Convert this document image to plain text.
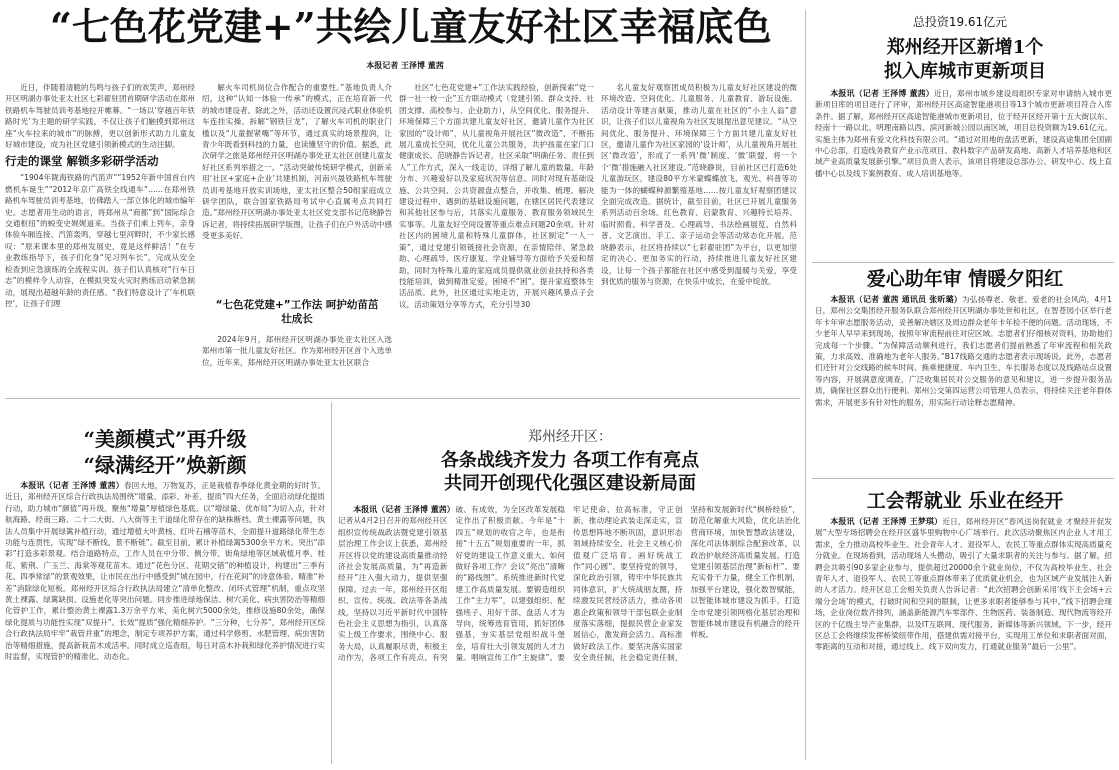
“七色花党建+”共绘儿童友好社区幸福底色
本报记者 王泽博 董茜

近日，伴随着清脆的鸟鸣与孩子们的欢笑声，郑州经开区明湖办事处亚太社区七彩翟驻团首期研学活动在郑州铁路机车驾驶员训考基地拉开帷幕。“一场以‘穿越百年铁路时光’为主题的研学实践，不仅让孩子们触摸到郑州这座“火车拉来的城市”的脉搏，更以创新形式助力儿童友好城市建设，成为社区党建引领新模式的生动注脚。

行走的课堂 解锁多彩研学活动

“1904年陇海铁路的汽笛声”“1952年新中国首台内燃机车诞生”“2012年京广高铁全线通车”……在郑州铁路机车驾驶员训考基地，仿佛踏入一部立体化的城市编年史。志愿者用生动的语言，将郑州从“商都”到“国际综合交通枢纽”的蜕变史娓娓道来。当孩子们乘上列车，亲身体验车厢连接、汽笛轰鸣，穿越七里河畔时，不少家长感叹：“原来课本里的郑州发展史，竟是这样鲜活！”在专业教练指导下，孩子们化身“见习列车长”，完成从安全检查到应急演练的全流程实训。孩子们认真核对“行车日志”的模样令人动容，在模拟突发火灾时熟练启动紧急制动，展现出超越年龄的责任感。“我们特意设计了‘车机联控’，让孩子们理

解火车司机岗位合作配合的重要性。”基地负责人介绍，这种“认知一体验一传承”的模式，正在培育新一代的城市建设者。除此之外，活动还设置沉浸式职业体验机车连挂实操、拆解“钢铁巨龙”，了解火车司机的职业门槛以及“儿童握紧嘴”等环节，通过真实的场景搜润，让青少年既看到科技的力量，也读懂坚守的价值。据悉，此次研学之旅是郑州经开区明湖办事处亚太社区创建儿童友好社区系列举措之一。“活动突破传统研学模式，创新采用‘社区+家庭+企业’共建机制，河南兴晟铁路机车驾驶员训考基地开放实训场地，亚太社区整合50组家庭成立研学团队，联合国家铁路局考试中心直属考点共同打造。”郑州经开区明湖办事处亚太社区党支部书记范晓静告诉记者，将持续拓展研学版图，让孩子们在户外活动中感受更多美好。

“七色花党建+”工作法 呵护幼苗茁壮成长

2024年9月，郑州经开区明湖办事处亚太社区入选郑州市第一批儿童友好社区。作为郑州经开区首个入选单位，近年来，郑州经开区明湖办事处亚太社区联合

社区“七色花党建+”工作法实践经验，创新探索“党一群一社一校一企”五方联动模式（党建引领、群众支持、社团支撑、高校参与、企业助力），从空间优化、服务提升、环境保障三个方面共建儿童友好社区，邀请儿童作为社区家园的“设计师”，从儿童视角开展社区“微改造”，不断拓展儿童成长空间，优化儿童公共服务，共护孩童在家门口健康成长。范晓静告诉记者，社区采取“明确任务、责任到人”工作方式，深入一线走访，详细了解儿童的数量、年龄分布、兴趣爱好以及家庭状况等信息。同时对现有基础设施、公共空间、公共资源盘点整合，并收集、梳理、解决建设过程中、遇到的基础设施问题，在辖区居民代表建议和其他社区参与后，共落实儿童服务、教育服务领域民生实事等。儿童友好空间设置等重点难点问题20余项。针对社区内的困境儿童和特殊儿童群体，社区制定“一人一策”，通过党建引领链接社会资源，在亲情陪伴、紧急救助、心理疏导、医疗康复、学业辅导等方面给予关爱和帮助，同时为特殊儿童的家庭成员提供就业创业扶持和各类技能培训，做到精准定爱，困境不“困”，提升家庭整体生活品质。此外，社区通过实地走访，开展兴趣风暴点子会议，活动策划分享等方式，充分引导30

名儿童友好观察团成员积极为儿童友好社区建设的微环境改造、空间优化、儿童服务、儿童教育、游玩设施、活动设计等建言献策，推动儿童在社区的“小主人翁”意识，让孩子们以儿童视角为社区发展提出意见建议。“从空间优化、服务提升、环境保障三个方面共建儿童友好社区，邀请儿童作为社区家园的‘设计师’，从儿童视角开展社区‘微改造’，形成了一系列‘微’制度、‘微’联盟，将一个个‘微’措施融入社区建设。”范晓静说，目前社区已打造6处儿童游玩区，建设80平方米蒙蝶蝶放飞、观光、科普等功能为一体的蝴蝶种源繁殖基地……按儿童友好观察团建议全面完成改造。据统计，截至目前，社区已开展儿童服务系列活动百余场。红色教育、启蒙教育、兴趣特长培养、临时照看、科学普及、心理疏导、书法绘画展览、自然科普、文艺演出、手工、亲子运动会等活动常态化开展。范晓静表示，社区将持续以“七彩翟驻团”为平台，以更加坚定的决心、更加务实的行动，持续推进儿童友好社区建设，让每一个孩子都能在社区中感受到温暖与关爱，享受到优质的服务与资源，在快乐中成长，在爱中绽放。

总投资19.61亿元
郑州经开区新增1个
拟入库城市更新项目

本报讯（记者 王泽博 董茜）近日，郑州市城乡建设局组织专家对申请纳入城市更新项目库的项目进行了评审，郑州经开区高途智能港项目等13个城市更新项目符合入库条件。据了解，郑州经开区高途智能港城市更新项目，位于经开区经开第十五大街以东、经南十一路以北、明理南路以西、滨河新城公园以南区域，项目总投资额为19.61亿元。实施主体为郑州有爱文化科技有限公司。“通过对用地的盘活更新，建设高途集团全国副中心总部，打造线务教育产业示范项目、教科数字产品研发高地、高新人才培养基地和区域产业高质量发展新引擎。”项目负责人表示，该项目将建设总部办公、研发中心、线上直播中心以及线下案例教育、成人培训基地等。

爱心助年审 情暖夕阳红

本报讯（记者 董茜 通讯员 张昕璐）为弘扬尊老、敬老、爱老的社会风尚，4月1日，郑州公交集团经开服务队联合郑州经开区明湖办事处世和社区，在智苍园小区举行老年卡年审志愿服务活动，妥善解决辖区及周边群众老年卡年检不便的问题。活动现场，不少老年人早早来到现场，按照年审流程前往对应区域。志愿者们仔细核对资料，协助他们完成每一个步骤。“为保障活动顺利进行，我们志愿者们提前熟悉了年审流程和相关政策，力求高效、准确地为老年人服务。”B17线路交通的志愿者表示现场说。此外，志愿者们还针对公交线路的候车时间、换乘便捷度、车内卫生、车长服务态度以及线路站点设置等内容，开展满意度调查，广泛收集居民对公交服务的意见和建议，进一步提升服务品质，确保社区群众出行便利。郑州公交第四运营公司管理人员表示，将持续关注老年群体需求，开展更多有针对性的服务，用实际行动诠释志愿精神。

工会帮就业 乐业在经开

本报讯（记者 王泽博 王梦琪）近日，郑州经开区“春风送岗促就业 才聚经开促发展”大型专场招聘会在经开区盛华里购物中心广场举行。此次活动聚焦区内企业人才用工需求，全力推动高校毕业生、社会青年人才、退役军人、农民工等重点群体实现高质量充分就业。在现场看到，活动现场人头攒动，吸引了大量求职者的关注与参与。据了解，招聘会共吸引90多家企业参与，提供超过20000余个就业岗位，不仅为高校毕业生、社会青年人才、退役军人、农民工等重点群体带来了优质就业机会，也为区域产业发展注入新的人才活力。经开区总工会相关负责人告诉记者：“此次招聘会创新采用‘线下主会场+云端分会场’的模式，打破时间和空间的限制，让更多求职者能够参与其中。”线下招聘会现场，企业岗位数齐排列，涵盖新能源汽车零部件、生物医药、装备制造、现代物流等经开区的千亿级主导产业集群，以及IT互联网、现代服务、新媒体等新兴领域。下一步，经开区总工会将继续发挥桥梁纽带作用，搭建供需对接平台，实现用工单位和求职者面对面，零距离的互动和对接，通过线上、线下双向发力，打通就业服务“最后一公里”。

“美颜模式”再升级
“绿满经开”焕新颜

本报讯（记者 王泽博 董茜）春回大地，万物复苏，正是栽植春季绿化黄金期的好时节。近日，郑州经开区综合行政执法局围绕“增量、添彩、补差、提质”四大任务，全面启动绿化提质行动，助力城市“颜值”再升级。聚焦“增量”厚植绿色基底。以“增绿量、优布局”为切入点，针对航海路、经南三路、二十二大街、八大街等主干道绿化带存在的缺株断档、黄土裸露等问题，执法人员集中开展绿篱补植行动，通过增植大叶黄杨、红叶石楠等苗木，全面提升道路绿化带生态功能与连贯性，实现“绿不断线、景不断链”。截至目前，累计补植绿篱5300余平方米。突出“添彩”打造多彩景观。结合道路特点，工作人员在中分带、侧分带、街角绿地等区域栽植月季、桂花、紫荆、广玉兰、海棠等观花苗木。通过“花色分区、花期交错”的种植设计，构建出“三季有花、四季常绿”的景观效果，让市民在出行中感受到“城在园中，行在花间”的诗意体验。精准“补差”消除绿化短板。郑州经开区综合行政执法局建立“清单化整改、闭环式管理”机制，重点攻坚黄土裸露、绿篱缺损、设施老化等突出问题。同步推进绿地保洁、树穴美化、病虫害防治等精细化管护工作，累计整治黄土裸露1.3万余平方米，美化树穴5000余处，推修设施80余处，确保绿化提质与功能性实现“双提升”。长效“提质”强化精细养护。“三分种，七分养”，郑州经开区综合行政执法局牢牢“栽管并重”的理念，制定专项养护方案，通过科学修剪、水肥管理、病虫害防治等精细措施，提高新栽苗木成活率。同时成立巡查组，每日对苗木补栽和绿化养护情况进行实时监督，实现管护的精准化、动态化。

郑州经开区：
各条战线齐发力 各项工作有亮点
共同开创现代化强区建设新局面

本报讯（记者 王泽博 董茜）记者从4月2日召开的郑州经开区组织宣传统战政法暨党建引领基层治理工作会议上获悉，郑州经开区将以党的建设高质量推动经济社会发展高质量，为“再造新经开”注入强大动力，提供坚强保障。过去一年，郑州经开区组织、宣传、统战、政法等各条战线，坚持以习近平新时代中国特色社会主义思想为指引，认真落实上级工作要求，围绕中心、服务大局，认真履职尽责，积极主动作为，各项工作有亮点、有突破、有成效，为全区改革发展稳定作出了积极贡献。今年是“十四五”规划的收官之年，也是衔接“十五五”规划重要的一年，抓好党的建设工作意义重大。如何做好各项工作？会议“亮出”清晰的“路线图”。系统推进新时代党建工作高质量发展。要锻造组织工作“主力军”，以建强组织、配强班子、用好干部、盘活人才为导向，统筹选育管用，抓好团体强基，夯实基层党组织战斗堡垒，培育壮大引领发展的人才力量。唱响宣传工作“主旋律”。要牢记使命、拉高标准，守正创新，推动理论武装走深走实，宣传思想阵地不断巩固，意识形态领域持续安全、社会主义核心价值观广泛培育。画好统战工作“同心圆”。要坚持党的领导，深化政治引领，铸牢中华民族共同体意识，扩大统战朋友圈，持续激发民营经济活力，推动各项惠企政策和领导干部包联企业制度落实落细，提振民营企业家发展信心，激发商会活力。高标准做好政法工作。要坚决落实国家安全责任制，社会稳定责任制，坚持和发展新时代“枫桥经验”，防范化解重大风险，优化法治化营商环境，加快智慧政法建设，深化司法体制综合配套改革，以政治护航经济高质量发展。打造党建引领基层治理“新标杆”。要充实骨干力量，健全工作机制，加强平台建设，强化数智赋能，以智能体城市建设为抓手，打造全市党建引领网格化基层治理和智能体城市建设有机融合的经开样板。
